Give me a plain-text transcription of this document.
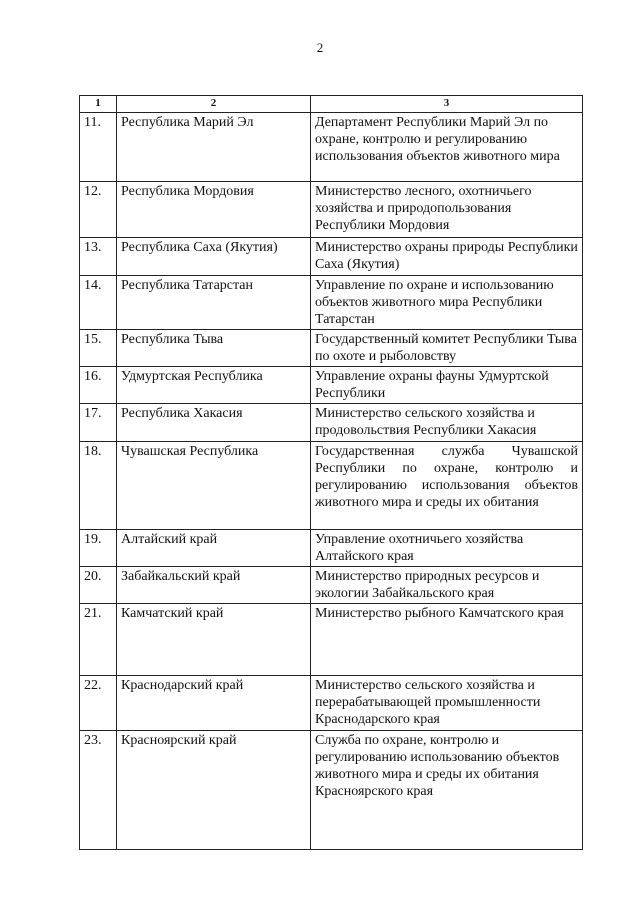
2
1	2	3
11.	Республика Марий Эл	Департамент Республики Марий Эл по охране, контролю и регулированию использования объектов животного мира
12.	Республика Мордовия	Министерство лесного, охотничьего хозяйства и природопользования Республики Мордовия
13.	Республика Саха (Якутия)	Министерство охраны природы Республики Саха (Якутия)
14.	Республика Татарстан	Управление по охране и использованию объектов животного мира Республики Татарстан
15.	Республика Тыва	Государственный комитет Республики Тыва по охоте и рыболовству
16.	Удмуртская Республика	Управление охраны фауны Удмуртской Республики
17.	Республика Хакасия	Министерство сельского хозяйства и продовольствия Республики Хакасия
18.	Чувашская Республика	Государственная служба Чувашской Республики по охране, контролю и регулированию использования объектов животного мира и среды их обитания
19.	Алтайский край	Управление охотничьего хозяйства Алтайского края
20.	Забайкальский край	Министерство природных ресурсов и экологии Забайкальского края
21.	Камчатский край	Министерство рыбного Камчатского края
22.	Краснодарский край	Министерство сельского хозяйства и перерабатывающей промышленности Краснодарского края
23.	Красноярский край	Служба по охране, контролю и регулированию использованию объектов животного мира и среды их обитания Красноярского края
